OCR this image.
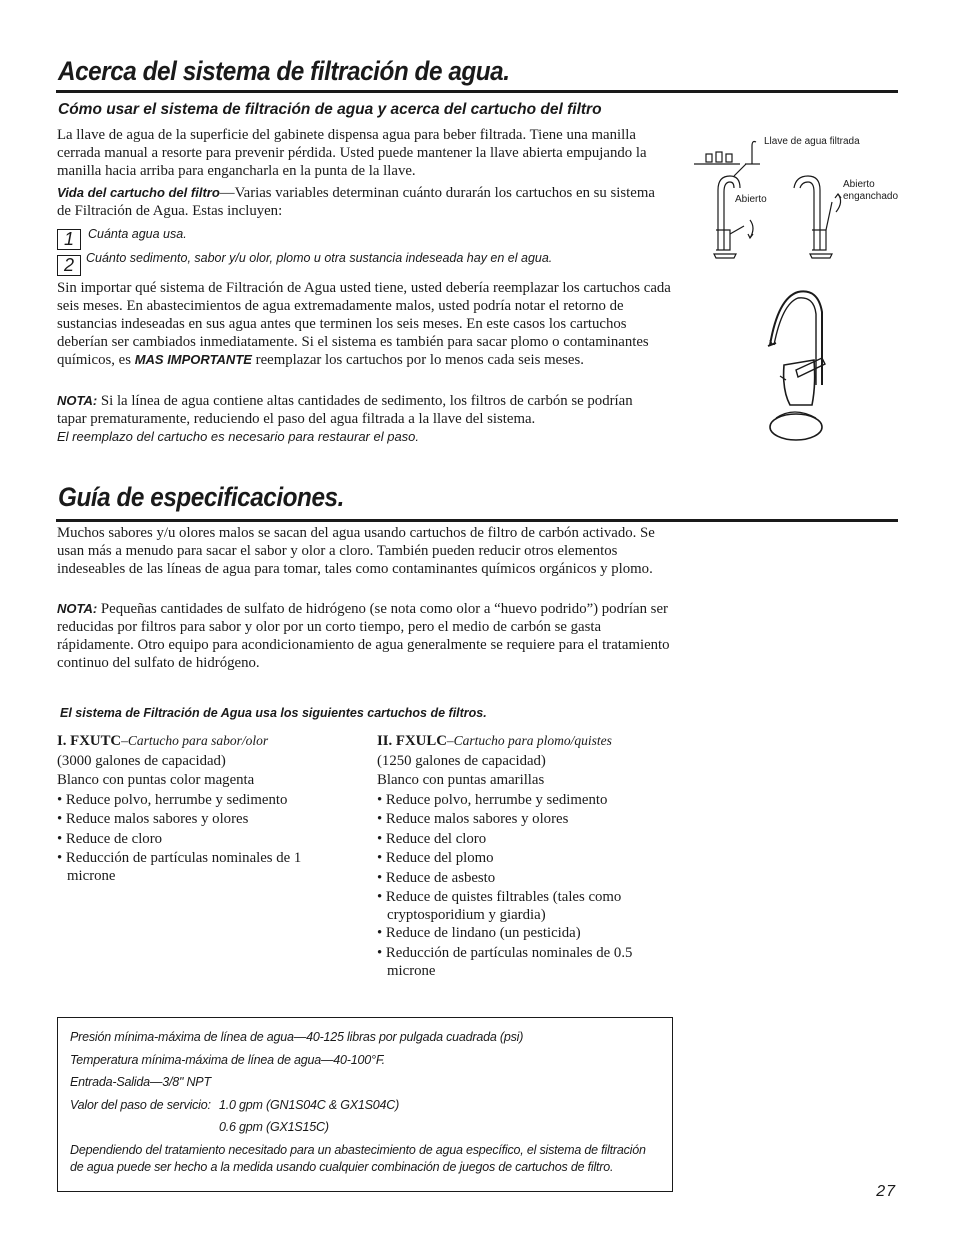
Acerca del sistema de filtración de agua.
Cómo usar el sistema de filtración de agua y acerca del cartucho del filtro
La llave de agua de la superficie del gabinete dispensa agua para beber filtrada. Tiene una manilla cerrada manual a resorte para prevenir pérdida. Usted puede mantener la llave abierta empujando la manilla hacia arriba para engancharla en la punta de la llave.
Vida del cartucho del filtro—Varias variables determinan cuánto durarán los cartuchos en su sistema de Filtración de Agua. Estas incluyen:
1	Cuánta agua usa.
2 Cuánto sedimento, sabor y/u olor, plomo u otra sustancia indeseada hay en el agua.
Sin importar qué sistema de Filtración de Agua usted tiene, usted debería reemplazar los cartuchos cada seis meses. En abastecimientos de agua extremadamente malos, usted podría notar el retorno de sustancias indeseadas en sus agua antes que terminen los seis meses. En este casos los cartuchos deberían ser cambiados inmediatamente. Si el sistema es también para sacar plomo o contaminantes químicos, es MAS IMPORTANTE reemplazar los cartuchos por lo menos cada seis meses.
NOTA: Si la línea de agua contiene altas cantidades de sedimento, los filtros de carbón se podrían tapar prematuramente, reduciendo el paso del agua filtrada a la llave del sistema.
El reemplazo del cartucho es necesario para restaurar el paso.
Llave de agua filtrada
Abierto
Abierto enganchado
Guía de especificaciones.
Muchos sabores y/u olores malos se sacan del agua usando cartuchos de filtro de carbón activado. Se usan más a menudo para sacar el sabor y olor a cloro. También pueden reducir otros elementos indeseables de las líneas de agua para tomar, tales como contaminantes químicos orgánicos y plomo.
NOTA: Pequeñas cantidades de sulfato de hidrógeno (se nota como olor a “huevo podrido”) podrían ser reducidas por filtros para sabor y olor por un corto tiempo, pero el medio de carbón se gasta rápidamente. Otro equipo para acondicionamiento de agua generalmente se requiere para el tratamiento continuo del sulfato de hidrógeno.
El sistema de Filtración de Agua usa los siguientes cartuchos de filtros.
I. FXUTC–Cartucho para sabor/olor
(3000 galones de capacidad)
Blanco con puntas color magenta
• Reduce polvo, herrumbe y sedimento
• Reduce malos sabores y olores
• Reduce de cloro
• Reducción de partículas nominales de 1 microne
II. FXULC–Cartucho para plomo/quistes
(1250 galones de capacidad)
Blanco con puntas amarillas
• Reduce polvo, herrumbe y sedimento
• Reduce malos sabores y olores
• Reduce del cloro
• Reduce del plomo
• Reduce de asbesto
• Reduce de quistes filtrables (tales como cryptosporidium y giardia)
• Reduce de lindano (un pesticida)
• Reducción de partículas nominales de 0.5 microne
Presión mínima-máxima de línea de agua—40-125 libras por pulgada cuadrada (psi)
Temperatura mínima-máxima de línea de agua—40-100°F.
Entrada-Salida—3/8" NPT
Valor del paso de servicio: 1.0 gpm (GN1S04C & GX1S04C)
0.6 gpm (GX1S15C)
Dependiendo del tratamiento necesitado para un abastecimiento de agua específico, el sistema de filtración de agua puede ser hecho a la medida usando cualquier combinación de juegos de cartuchos de filtro.
27
